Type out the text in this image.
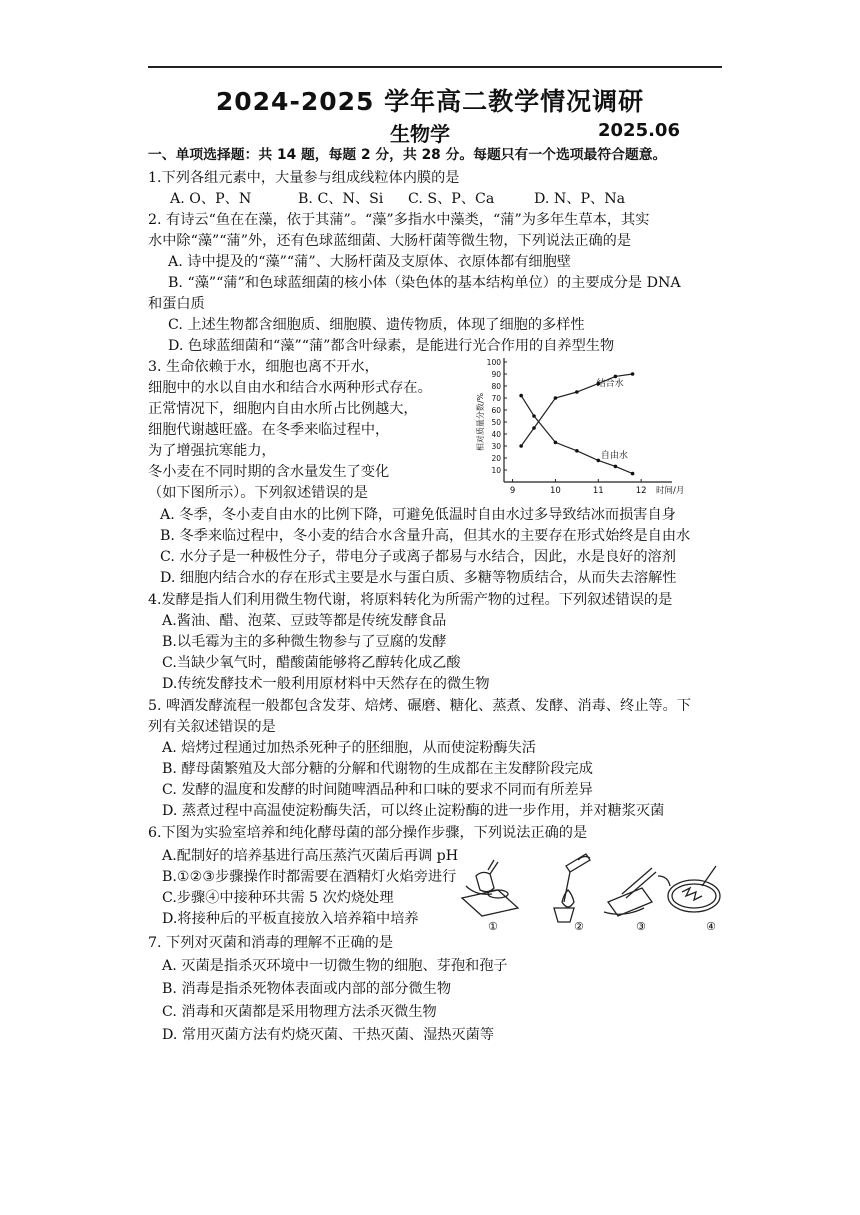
2024-2025 学年高二教学情况调研
生物学	2025.06
一、单项选择题：共 14 题，每题 2 分，共 28 分。每题只有一个选项最符合题意。
1.下列各组元素中，大量参与组成线粒体内膜的是
A. O、P、N	B. C、N、Si C. S、P、Ca	D. N、P、Na
2. 有诗云“鱼在在藻，依于其蒲”。“藻”多指水中藻类，“蒲”为多年生草本，其实
水中除“藻”“蒲”外，还有色球蓝细菌、大肠杆菌等微生物，下列说法正确的是
A. 诗中提及的“藻”“蒲”、大肠杆菌及支原体、衣原体都有细胞壁
B. “藻”“蒲”和色球蓝细菌的核小体（染色体的基本结构单位）的主要成分是 DNA
和蛋白质
C. 上述生物都含细胞质、细胞膜、遗传物质，体现了细胞的多样性
D. 色球蓝细菌和“藻”“蒲”都含叶绿素，是能进行光合作用的自养型生物
3. 生命依赖于水，细胞也离不开水，
细胞中的水以自由水和结合水两种形式存在。
正常情况下，细胞内自由水所占比例越大，
细胞代谢越旺盛。在冬季来临过程中，
为了增强抗寒能力，
冬小麦在不同时期的含水量发生了变化
（如下图所示）。下列叙述错误的是
10
20
30
40
50
60
70
80
90
100
9	10	11	12 时间/月
相对质量分数/%
结合水
自由水
A. 冬季，冬小麦自由水的比例下降，可避免低温时自由水过多导致结冰而损害自身
B. 冬季来临过程中，冬小麦的结合水含量升高，但其水的主要存在形式始终是自由水
C. 水分子是一种极性分子，带电分子或离子都易与水结合，因此，水是良好的溶剂
D. 细胞内结合水的存在形式主要是水与蛋白质、多糖等物质结合，从而失去溶解性
4.发酵是指人们利用微生物代谢，将原料转化为所需产物的过程。下列叙述错误的是
A.酱油、醋、泡菜、豆豉等都是传统发酵食品
B.以毛霉为主的多种微生物参与了豆腐的发酵
C.当缺少氧气时，醋酸菌能够将乙醇转化成乙酸
D.传统发酵技术一般利用原材料中天然存在的微生物
5. 啤酒发酵流程一般都包含发芽、焙烤、碾磨、糖化、蒸煮、发酵、消毒、终止等。下
列有关叙述错误的是
A. 焙烤过程通过加热杀死种子的胚细胞，从而使淀粉酶失活
B. 酵母菌繁殖及大部分糖的分解和代谢物的生成都在主发酵阶段完成
C. 发酵的温度和发酵的时间随啤酒品种和口味的要求不同而有所差异
D. 蒸煮过程中高温使淀粉酶失活，可以终止淀粉酶的进一步作用，并对糖浆灭菌
6.下图为实验室培养和纯化酵母菌的部分操作步骤，下列说法正确的是
A.配制好的培养基进行高压蒸汽灭菌后再调 pH
B.①②③步骤操作时都需要在酒精灯火焰旁进行
C.步骤④中接种环共需 5 次灼烧处理
D.将接种后的平板直接放入培养箱中培养	①	②	③	④
7. 下列对灭菌和消毒的理解不正确的是
A. 灭菌是指杀灭环境中一切微生物的细胞、芽孢和孢子
B. 消毒是指杀死物体表面或内部的部分微生物
C. 消毒和灭菌都是采用物理方法杀灭微生物
D. 常用灭菌方法有灼烧灭菌、干热灭菌、湿热灭菌等
